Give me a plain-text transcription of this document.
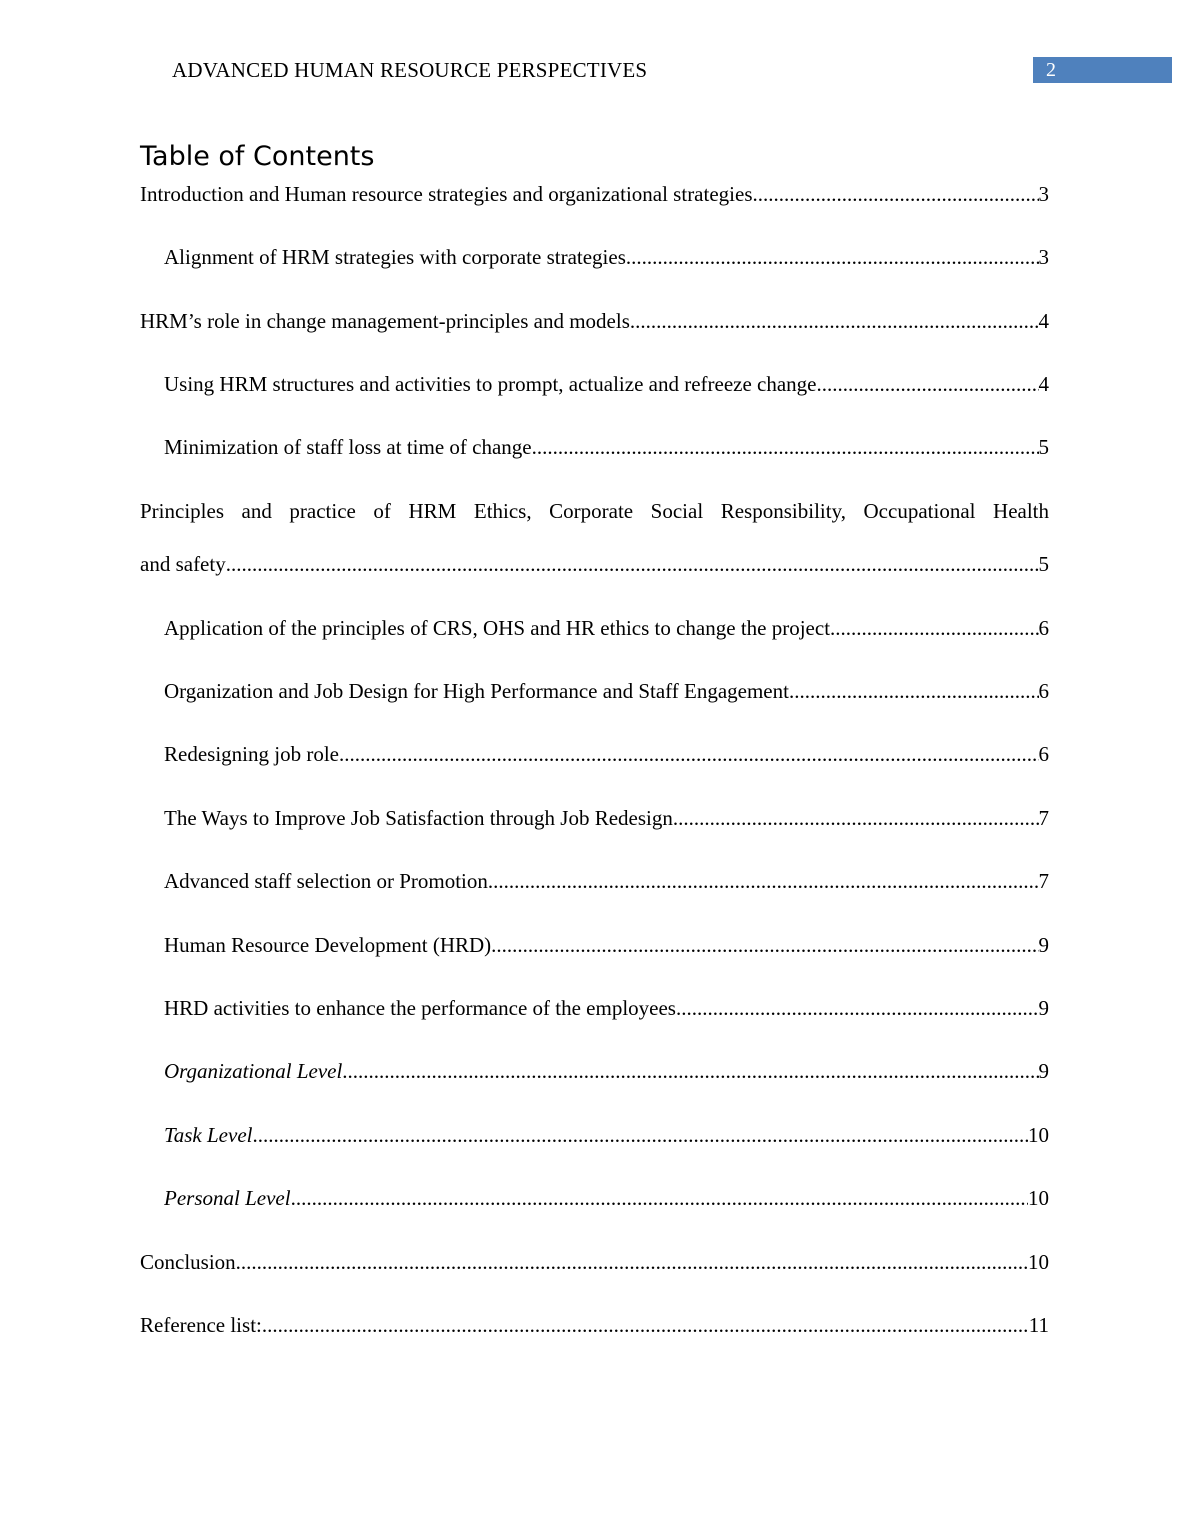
ADVANCED HUMAN RESOURCE PERSPECTIVES	2
Table of Contents
Introduction and Human resource strategies and organizational strategies .....	3
Alignment of HRM strategies with corporate strategies .....	3
HRM’s role in change management-principles and models .....	4
Using HRM structures and activities to prompt, actualize and refreeze change .....	4
Minimization of staff loss at time of change .....	5
Principles and practice of HRM Ethics, Corporate Social Responsibility, Occupational Health
and safety .....	5
Application of the principles of CRS, OHS and HR ethics to change the project .....	6
Organization and Job Design for High Performance and Staff Engagement .....	6
Redesigning job role .....	6
The Ways to Improve Job Satisfaction through Job Redesign .....	7
Advanced staff selection or Promotion .....	7
Human Resource Development (HRD) .....	9
HRD activities to enhance the performance of the employees .....	9
Organizational Level .....	9
Task Level .....	10
Personal Level .....	10
Conclusion .....	10
Reference list: .....	11
